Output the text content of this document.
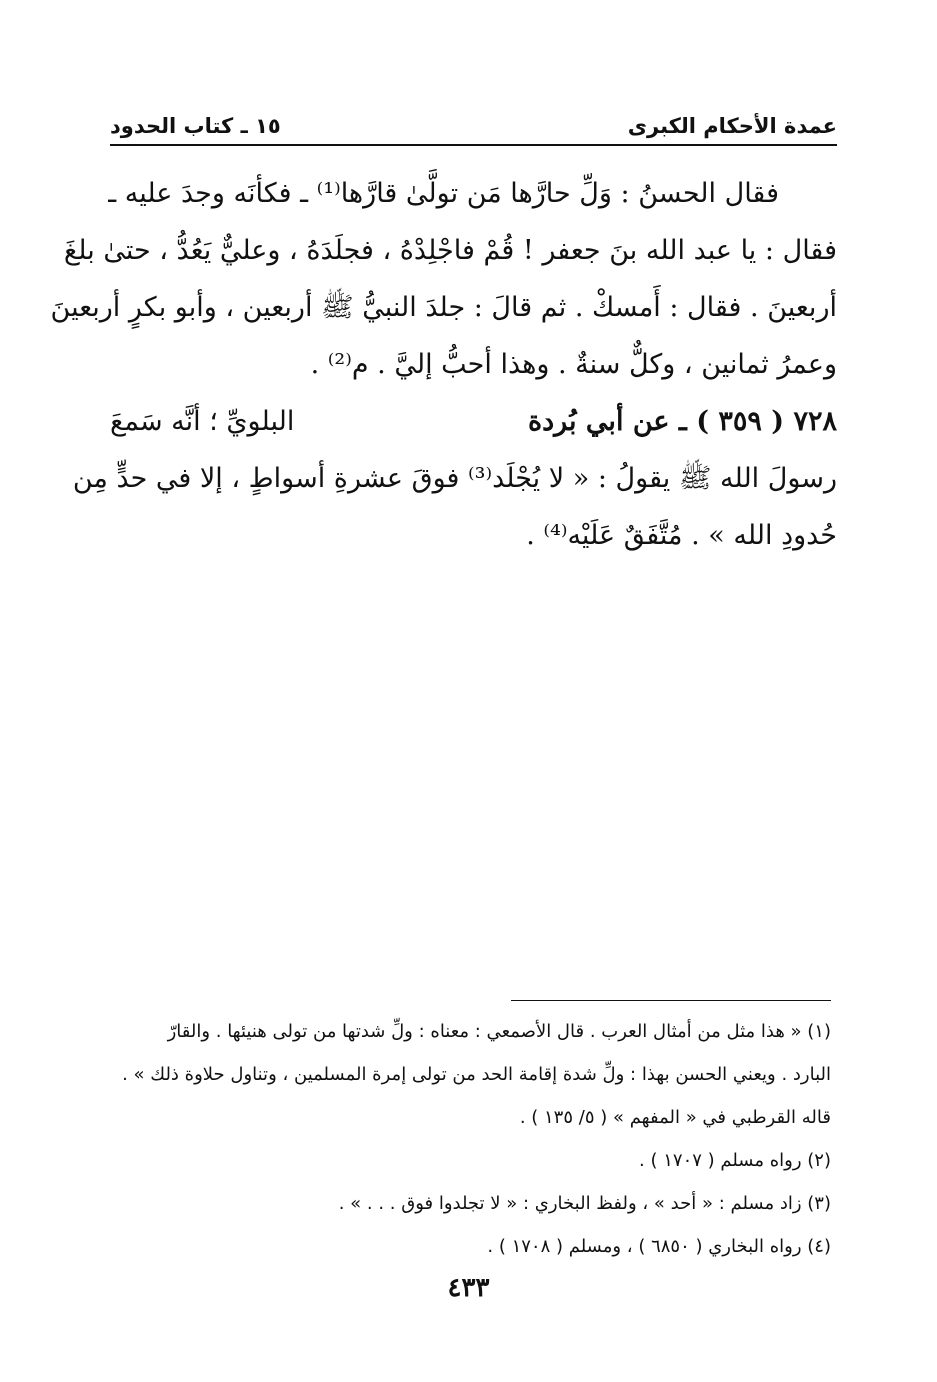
عمدة الأحكام الكبرى
١٥ ـ كتاب الحدود
فقال الحسنُ : وَلِّ حارَّها مَن تولَّىٰ قارَّها⁽¹⁾ ـ فكأنَه وجدَ عليه ـ
فقال : يا عبد الله بنَ جعفر ! قُمْ فاجْلِدْهُ ، فجلَدَهُ ، وعليٌّ يَعُدُّ ، حتىٰ بلغَ
أربعينَ . فقال : أَمسكْ . ثم قالَ : جلدَ النبيُّ ﷺ أربعين ، وأبو بكرٍ أربعينَ
وعمرُ ثمانين ، وكلٌّ سنةٌ . وهذا أحبُّ إليَّ . م⁽²⁾ .
٧٢٨ ( ٣٥٩ ) ـ عن أبي بُردة
البلويِّ ؛ أنَّه سَمعَ
رسولَ الله ﷺ يقولُ : « لا يُجْلَد⁽³⁾ فوقَ عشرةِ أسواطٍ ، إلا في حدٍّ مِن
حُدودِ الله » . مُتَّفَقٌ عَلَيْه⁽⁴⁾ .
(١) « هذا مثل من أمثال العرب . قال الأصمعي : معناه : ولِّ شدتها من تولى هنيئها . والقارّ
البارد . ويعني الحسن بهذا : ولِّ شدة إقامة الحد من تولى إمرة المسلمين ، وتناول حلاوة ذلك » .
قاله القرطبي في « المفهم » ( ٥/ ١٣٥ ) .
(٢) رواه مسلم ( ١٧٠٧ ) .
(٣) زاد مسلم : « أحد » ، ولفظ البخاري : « لا تجلدوا فوق . . . » .
(٤) رواه البخاري ( ٦٨٥٠ ) ، ومسلم ( ١٧٠٨ ) .
٤٣٣
